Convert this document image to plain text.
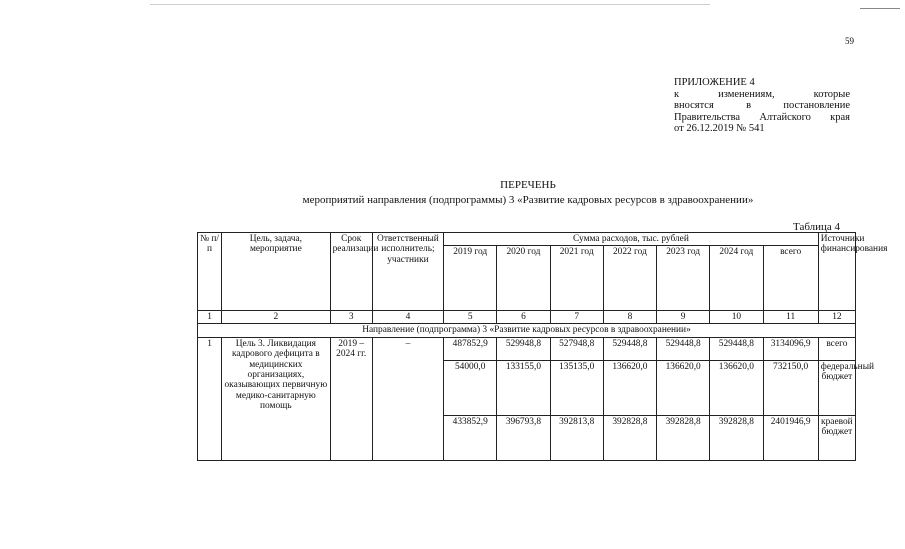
59
ПРИЛОЖЕНИЕ 4
к изменениям, которые
вносятся в постановление
Правительства Алтайского края
от 26.12.2019 № 541
ПЕРЕЧЕНЬ
мероприятий направления (подпрограммы) 3 «Развитие кадровых ресурсов в здравоохранении»
Таблица 4
№ п/п	Цель, задача, мероприятие	Срок реализации	Ответственный исполнитель; участники	Сумма расходов, тыс. рублей							Источники финансирования
				2019 год	2020 год	2021 год	2022 год	2023 год	2024 год	всего	
1	2	3	4	5	6	7	8	9	10	11	12
Направление (подпрограмма) 3 «Развитие кадровых ресурсов в здравоохранении»											
1	Цель 3. Ликвидация кадрового дефицита в медицинских организациях, оказывающих первичную медико-санитарную помощь	2019 – 2024 гг.	–	487852,9	529948,8	527948,8	529448,8	529448,8	529448,8	3134096,9	всего
				54000,0	133155,0	135135,0	136620,0	136620,0	136620,0	732150,0	федеральный бюджет
				433852,9	396793,8	392813,8	392828,8	392828,8	392828,8	2401946,9	краевой бюджет
